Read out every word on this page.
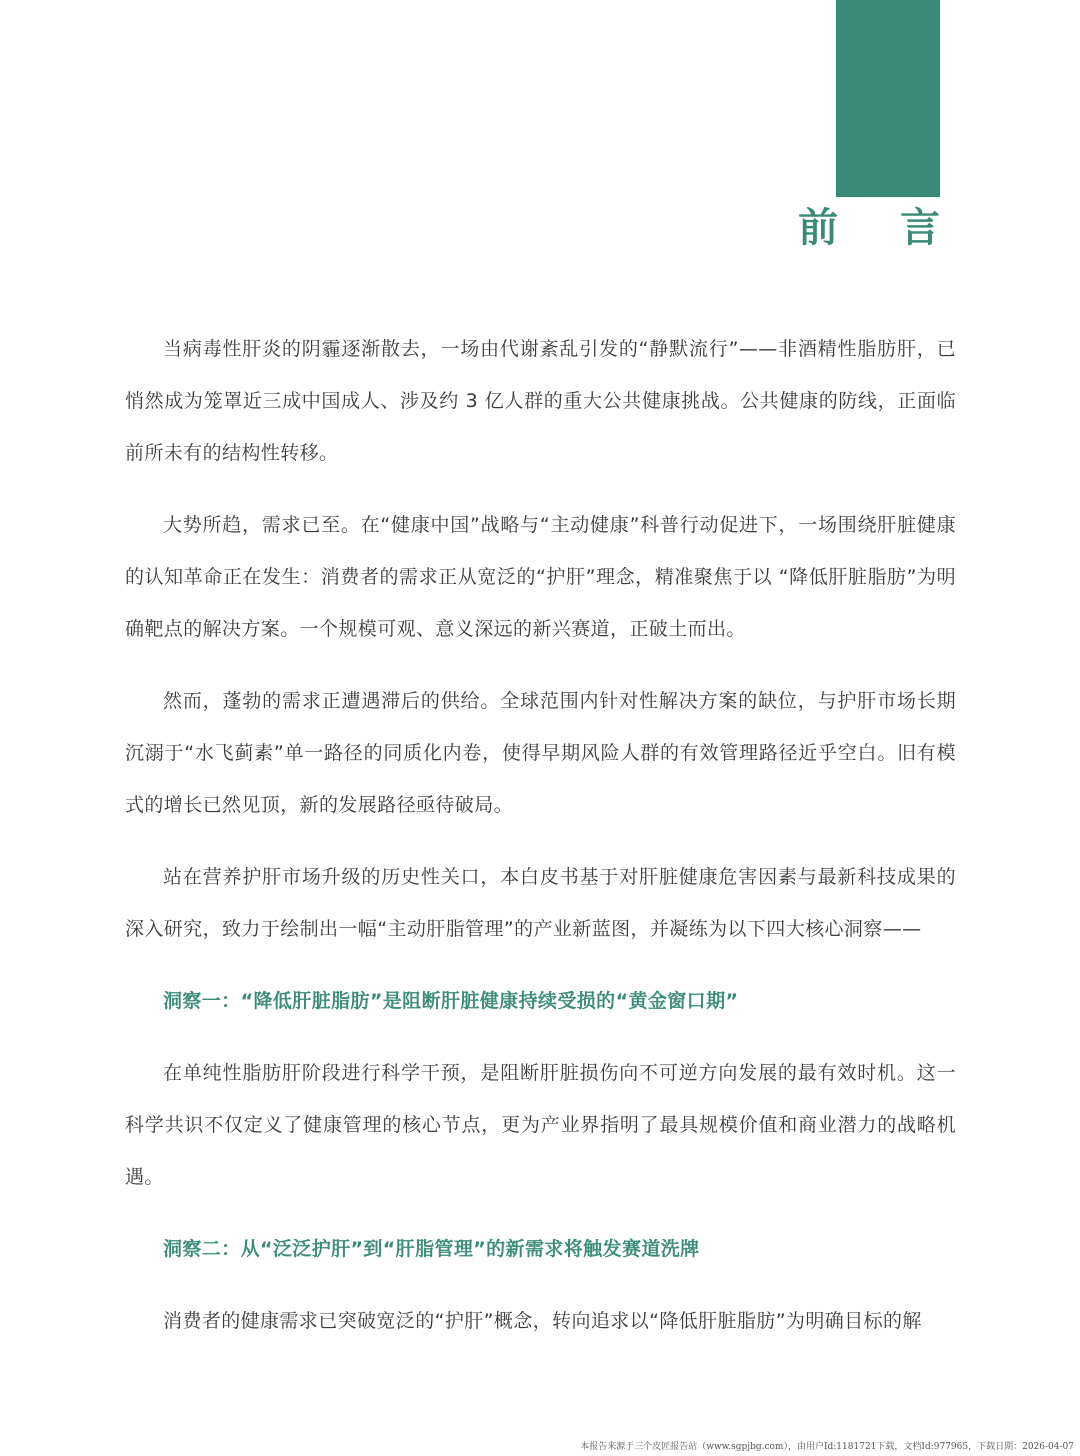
前 言

当病毒性肝炎的阴霾逐渐散去，一场由代谢紊乱引发的“静默流行”——非酒精性脂肪肝，已悄然成为笼罩近三成中国成人、涉及约 3 亿人群的重大公共健康挑战。公共健康的防线，正面临前所未有的结构性转移。

大势所趋，需求已至。在“健康中国”战略与“主动健康”科普行动促进下，一场围绕肝脏健康的认知革命正在发生：消费者的需求正从宽泛的“护肝”理念，精准聚焦于以 “降低肝脏脂肪”为明确靶点的解决方案。一个规模可观、意义深远的新兴赛道，正破土而出。

然而，蓬勃的需求正遭遇滞后的供给。全球范围内针对性解决方案的缺位，与护肝市场长期沉溺于“水飞蓟素”单一路径的同质化内卷，使得早期风险人群的有效管理路径近乎空白。旧有模式的增长已然见顶，新的发展路径亟待破局。

站在营养护肝市场升级的历史性关口，本白皮书基于对肝脏健康危害因素与最新科技成果的深入研究，致力于绘制出一幅“主动肝脂管理”的产业新蓝图，并凝练为以下四大核心洞察——

洞察一：“降低肝脏脂肪”是阻断肝脏健康持续受损的“黄金窗口期”

在单纯性脂肪肝阶段进行科学干预，是阻断肝脏损伤向不可逆方向发展的最有效时机。这一科学共识不仅定义了健康管理的核心节点，更为产业界指明了最具规模价值和商业潜力的战略机遇。

洞察二：从“泛泛护肝”到“肝脂管理”的新需求将触发赛道洗牌

消费者的健康需求已突破宽泛的“护肝”概念，转向追求以“降低肝脏脂肪”为明确目标的解

本报告来源于三个皮匠报告站（www.sgpjbg.com），由用户Id:1181721下载，文档Id:977965，下载日期：2026-04-07
